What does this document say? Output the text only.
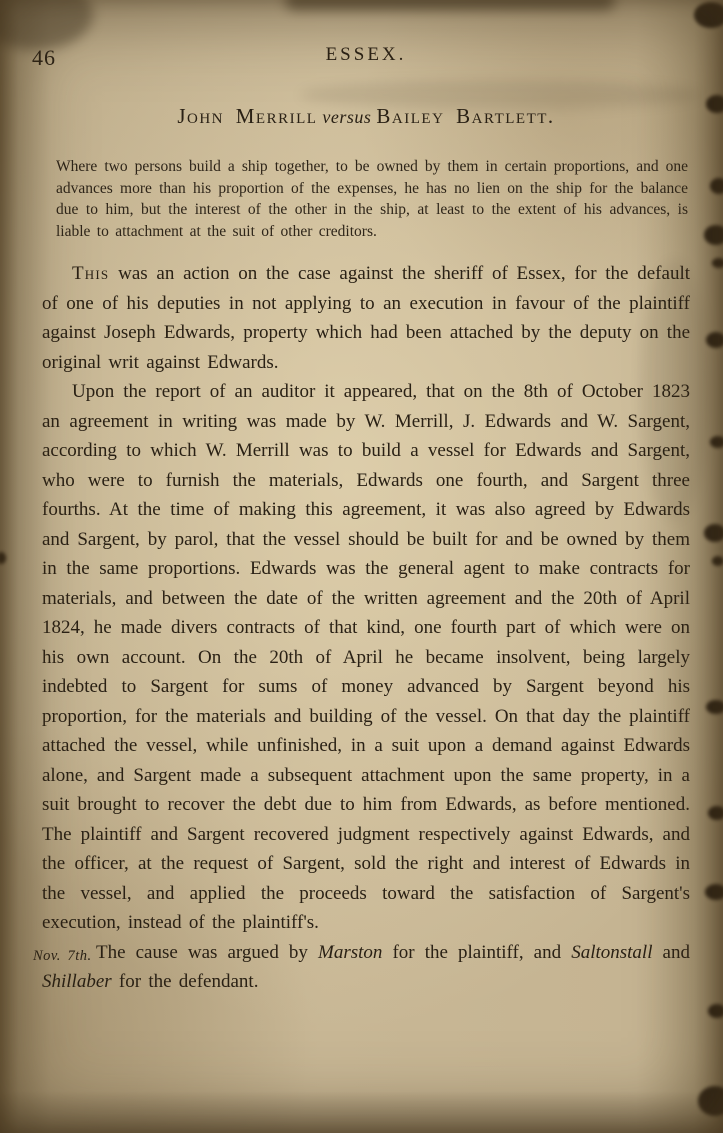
46	ESSEX.
John Merrill versus Bailey Bartlett.

Where two persons build a ship together, to be owned by them in certain proportions, and one advances more than his proportion of the expenses, he has no lien on the ship for the balance due to him, but the interest of the other in the ship, at least to the extent of his advances, is liable to attachment at the suit of other creditors.

This was an action on the case against the sheriff of Essex, for the default of one of his deputies in not applying to an execution in favour of the plaintiff against Joseph Edwards, property which had been attached by the deputy on the original writ against Edwards.

Upon the report of an auditor it appeared, that on the 8th of October 1823 an agreement in writing was made by W. Merrill, J. Edwards and W. Sargent, according to which W. Merrill was to build a vessel for Edwards and Sargent, who were to furnish the materials, Edwards one fourth, and Sargent three fourths. At the time of making this agreement, it was also agreed by Edwards and Sargent, by parol, that the vessel should be built for and be owned by them in the same proportions. Edwards was the general agent to make contracts for materials, and between the date of the written agreement and the 20th of April 1824, he made divers contracts of that kind, one fourth part of which were on his own account. On the 20th of April he became insolvent, being largely indebted to Sargent for sums of money advanced by Sargent beyond his proportion, for the materials and building of the vessel. On that day the plaintiff attached the vessel, while unfinished, in a suit upon a demand against Edwards alone, and Sargent made a subsequent attachment upon the same property, in a suit brought to recover the debt due to him from Edwards, as before mentioned. The plaintiff and Sargent recovered judgment respectively against Edwards, and the officer, at the request of Sargent, sold the right and interest of Edwards in the vessel, and applied the proceeds toward the satisfaction of Sargent's execution, instead of the plaintiff's.

Nov. 7th. The cause was argued by Marston for the plaintiff, and Saltonstall and Shillaber for the defendant.
